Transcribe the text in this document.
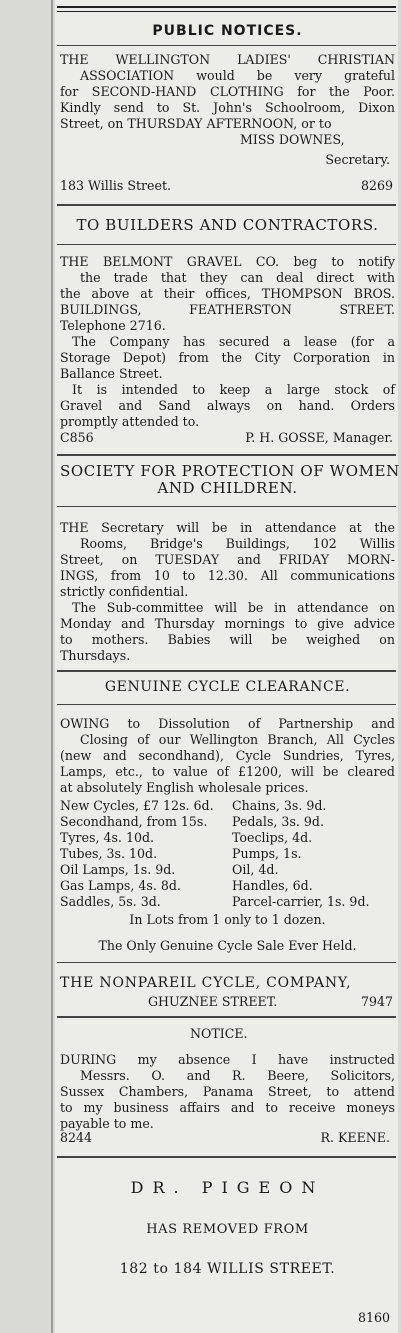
PUBLIC NOTICES.
THE WELLINGTON LADIES' CHRISTIAN
ASSOCIATION would be very grateful
for SECOND-HAND CLOTHING for the Poor.
Kindly send to St. John's Schoolroom, Dixon
Street, on THURSDAY AFTERNOON, or to
MISS DOWNES,
Secretary.
183 Willis Street.	8269
TO BUILDERS AND CONTRACTORS.
THE BELMONT GRAVEL CO. beg to notify
the trade that they can deal direct with
the above at their offices, THOMPSON BROS.
BUILDINGS, FEATHERSTON STREET.
Telephone 2716.
The Company has secured a lease (for a
Storage Depot) from the City Corporation in
Ballance Street.
It is intended to keep a large stock of
Gravel and Sand always on hand. Orders
promptly attended to.
C856	P. H. GOSSE, Manager.
SOCIETY FOR PROTECTION OF WOMEN
AND CHILDREN.
THE Secretary will be in attendance at the
Rooms, Bridge's Buildings, 102 Willis
Street, on TUESDAY and FRIDAY MORN-
INGS, from 10 to 12.30. All communications
strictly confidential.
The Sub-committee will be in attendance on
Monday and Thursday mornings to give advice
to mothers. Babies will be weighed on
Thursdays.
GENUINE CYCLE CLEARANCE.
OWING to Dissolution of Partnership and
Closing of our Wellington Branch, All Cycles
(new and secondhand), Cycle Sundries, Tyres,
Lamps, etc., to value of £1200, will be cleared
at absolutely English wholesale prices.
New Cycles, £7 12s. 6d. Chains, 3s. 9d.
Secondhand, from 15s. Pedals, 3s. 9d.
Tyres, 4s. 10d.	Toeclips, 4d.
Tubes, 3s. 10d.	Pumps, 1s.
Oil Lamps, 1s. 9d.	Oil, 4d.
Gas Lamps, 4s. 8d.	Handles, 6d.
Saddles, 5s. 3d.	Parcel-carrier, 1s. 9d.
In Lots from 1 only to 1 dozen.
The Only Genuine Cycle Sale Ever Held.
THE NONPAREIL CYCLE, COMPANY,
GHUZNEE STREET.	7947
NOTICE.
DURING my absence I have instructed
Messrs. O. and R. Beere, Solicitors,
Sussex Chambers, Panama Street, to attend
to my business affairs and to receive moneys
payable to me.
8244	R. KEENE.
DR. PIGEON
HAS REMOVED FROM
182 to 184 WILLIS STREET.
8160
